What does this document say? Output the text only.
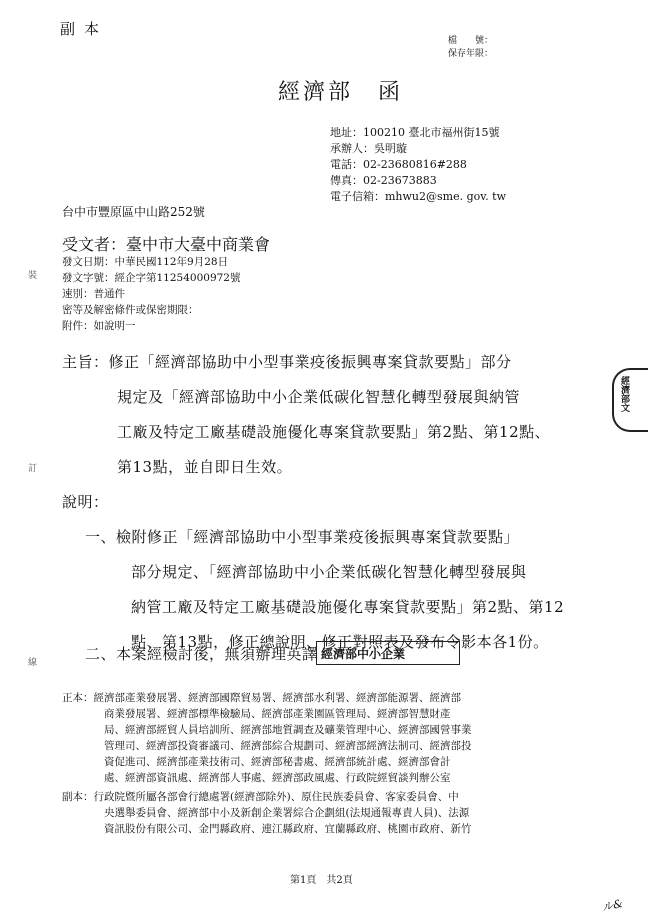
副本
檔　　號：
保存年限：
經濟部　函
地址：100210 臺北市福州街15號
承辦人：吳明璇
電話：02-23680816#288
傳真：02-23673883
電子信箱：mhwu2@sme. gov. tw
台中市豐原區中山路252號
受文者：臺中市大臺中商業會
發文日期：中華民國112年9月28日
發文字號：經企字第11254000972號
速別：普通件
密等及解密條件或保密期限：
附件：如說明一
主旨：修正「經濟部協助中小型事業疫後振興專案貸款要點」部分
規定及「經濟部協助中小企業低碳化智慧化轉型發展與納管
工廠及特定工廠基礎設施優化專案貸款要點」第2點、第12點、
第13點，並自即日生效。
說明：
一、檢附修正「經濟部協助中小型事業疫後振興專案貸款要點」
部分規定、「經濟部協助中小企業低碳化智慧化轉型發展與
納管工廠及特定工廠基礎設施優化專案貸款要點」第2點、第12
點、第13點，修正總說明、修正對照表及發布令影本各1份。
二、本案經檢討後，無須辦理英譯 經濟部中小企業
經濟部文
正本：經濟部產業發展署、經濟部國際貿易署、經濟部水利署、經濟部能源署、經濟部
商業發展署、經濟部標準檢驗局、經濟部產業園區管理局、經濟部智慧財產
局、經濟部經貿人員培訓所、經濟部地質調查及礦業管理中心、經濟部國營事業
管理司、經濟部投資審議司、經濟部綜合規劃司、經濟部經濟法制司、經濟部投
資促進司、經濟部產業技術司、經濟部秘書處、經濟部統計處、經濟部會計
處、經濟部資訊處、經濟部人事處、經濟部政風處、行政院經貿談判辦公室
副本：行政院暨所屬各部會行總處署(經濟部除外)、原住民族委員會、客家委員會、中
央選舉委員會、經濟部中小及新創企業署綜合企劃組(法規通報專責人員)、法源
資訊股份有限公司、金門縣政府、連江縣政府、宜蘭縣政府、桃園市政府、新竹
裝
訂
線
第1頁　共2頁
ル&
